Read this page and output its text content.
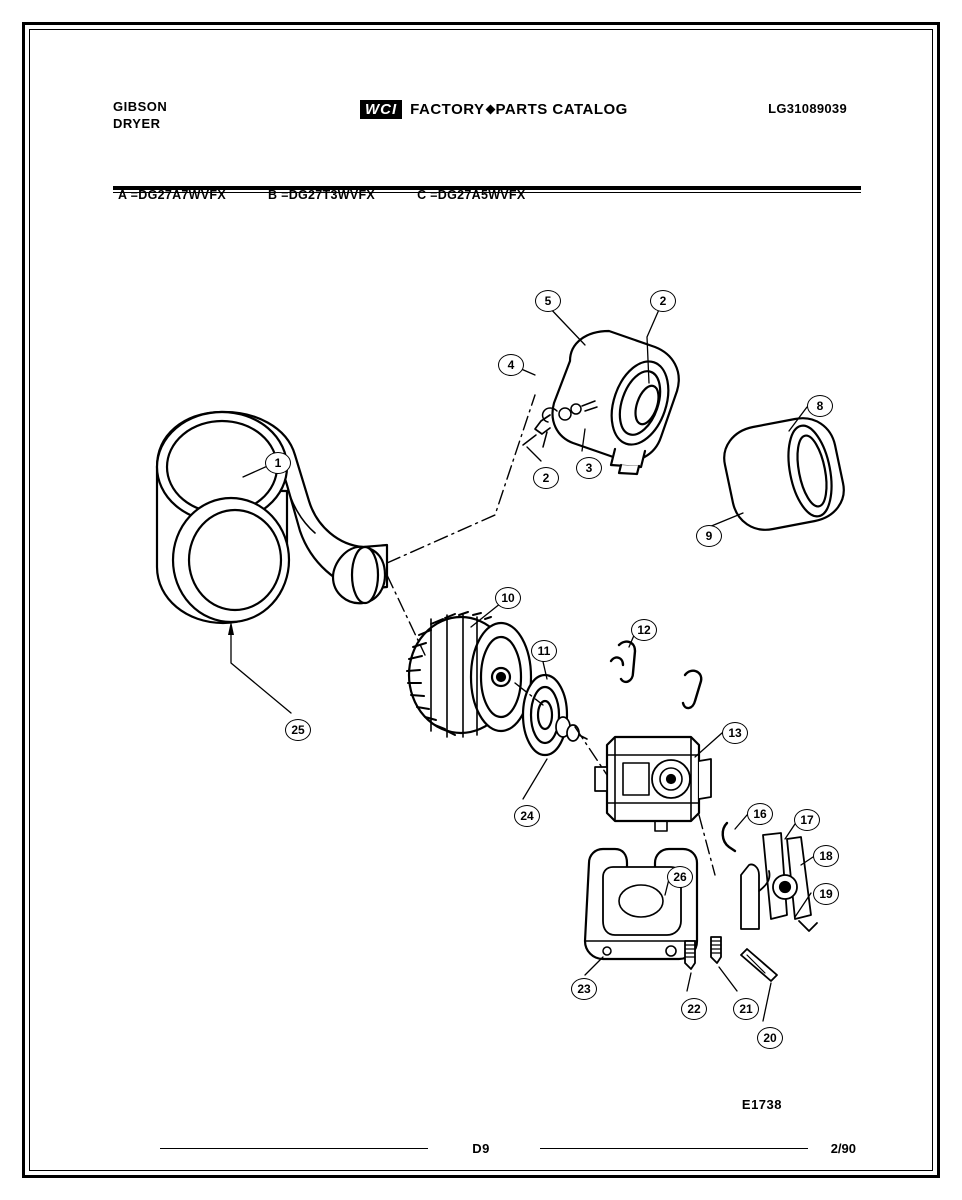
GIBSON
DRYER
WCI FACTORY PARTS CATALOG	LG31089039
A =DG27A7WVFX	B =DG27T3WVFX	C =DG27A5WVFX
1
2
2
3
4
5
8
9
10
11
12
13
16	17
18
19
20
21
22
23
24
25
26
E1738
D9	2/90
